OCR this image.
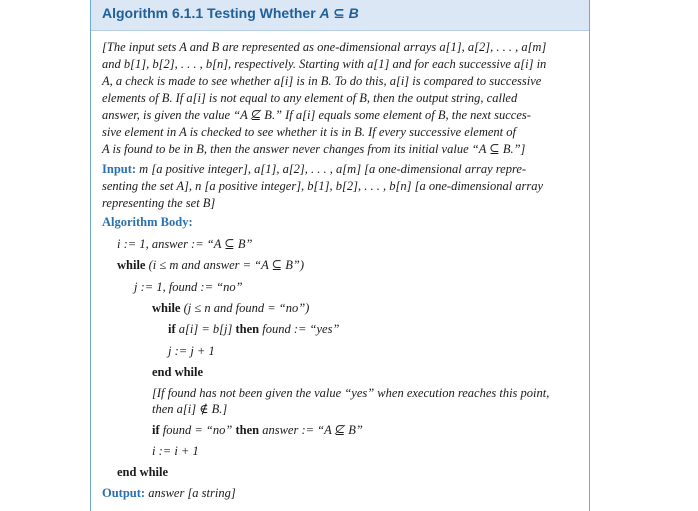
Algorithm 6.1.1 Testing Whether A ⊆ B
[The input sets A and B are represented as one-dimensional arrays a[1], a[2], . . . , a[m]
and b[1], b[2], . . . , b[n], respectively. Starting with a[1] and for each successive a[i] in
A, a check is made to see whether a[i] is in B. To do this, a[i] is compared to successive
elements of B. If a[i] is not equal to any element of B, then the output string, called
answer, is given the value “A ⊈ B.” If a[i] equals some element of B, the next succes-
sive element in A is checked to see whether it is in B. If every successive element of
A is found to be in B, then the answer never changes from its initial value “A ⊆ B.”]
Input: m [a positive integer], a[1], a[2], . . . , a[m] [a one-dimensional array repre-
senting the set A], n [a positive integer], b[1], b[2], . . . , b[n] [a one-dimensional array
representing the set B]
Algorithm Body:
i := 1, answer := “A ⊆ B”
while (i ≤ m and answer = “A ⊆ B”)
j := 1, found := “no”
while (j ≤ n and found = “no”)
if a[i] = b[j] then found := “yes”
j := j + 1
end while
[If found has not been given the value “yes” when execution reaches this point,
then a[i] ∉ B.]
if found = “no” then answer := “A ⊈ B”
i := i + 1
end while
Output: answer [a string]
